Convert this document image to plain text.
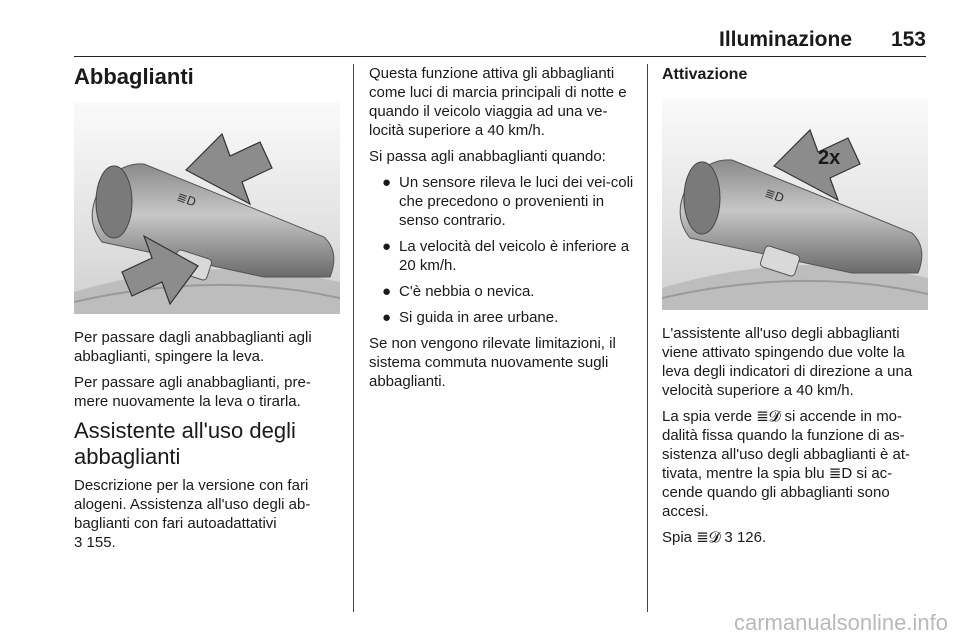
Illuminazione 153
Abbaglianti
≣D

Per passare dagli anabbaglianti agli abbaglianti, spingere la leva.

Per passare agli anabbaglianti, pre-mere nuovamente la leva o tirarla.

Assistente all'uso degli abbaglianti

Descrizione per la versione con fari alogeni. Assistenza all'uso degli ab-baglianti con fari autoadattativi

3 155.

Questa funzione attiva gli abbaglianti come luci di marcia principali di notte e quando il veicolo viaggia ad una ve-locità superiore a 40 km/h.

Si passa agli anabbaglianti quando:

● Un sensore rileva le luci dei vei-coli che precedono o provenienti in senso contrario.
● La velocità del veicolo è inferiore a 20 km/h.
● C'è nebbia o nevica.
● Si guida in aree urbane.

Se non vengono rilevate limitazioni, il sistema commuta nuovamente sugli abbaglianti.

Attivazione
≣D
2x

L'assistente all'uso degli abbaglianti viene attivato spingendo due volte la leva degli indicatori di direzione a una velocità superiore a 40 km/h.

La spia verde ≣𝓓 si accende in mo-dalità fissa quando la funzione di as-sistenza all'uso degli abbaglianti è at-tivata, mentre la spia blu ≣D si ac-cende quando gli abbaglianti sono accesi.

Spia ≣𝓓 3 126.

carmanualsonline.info
